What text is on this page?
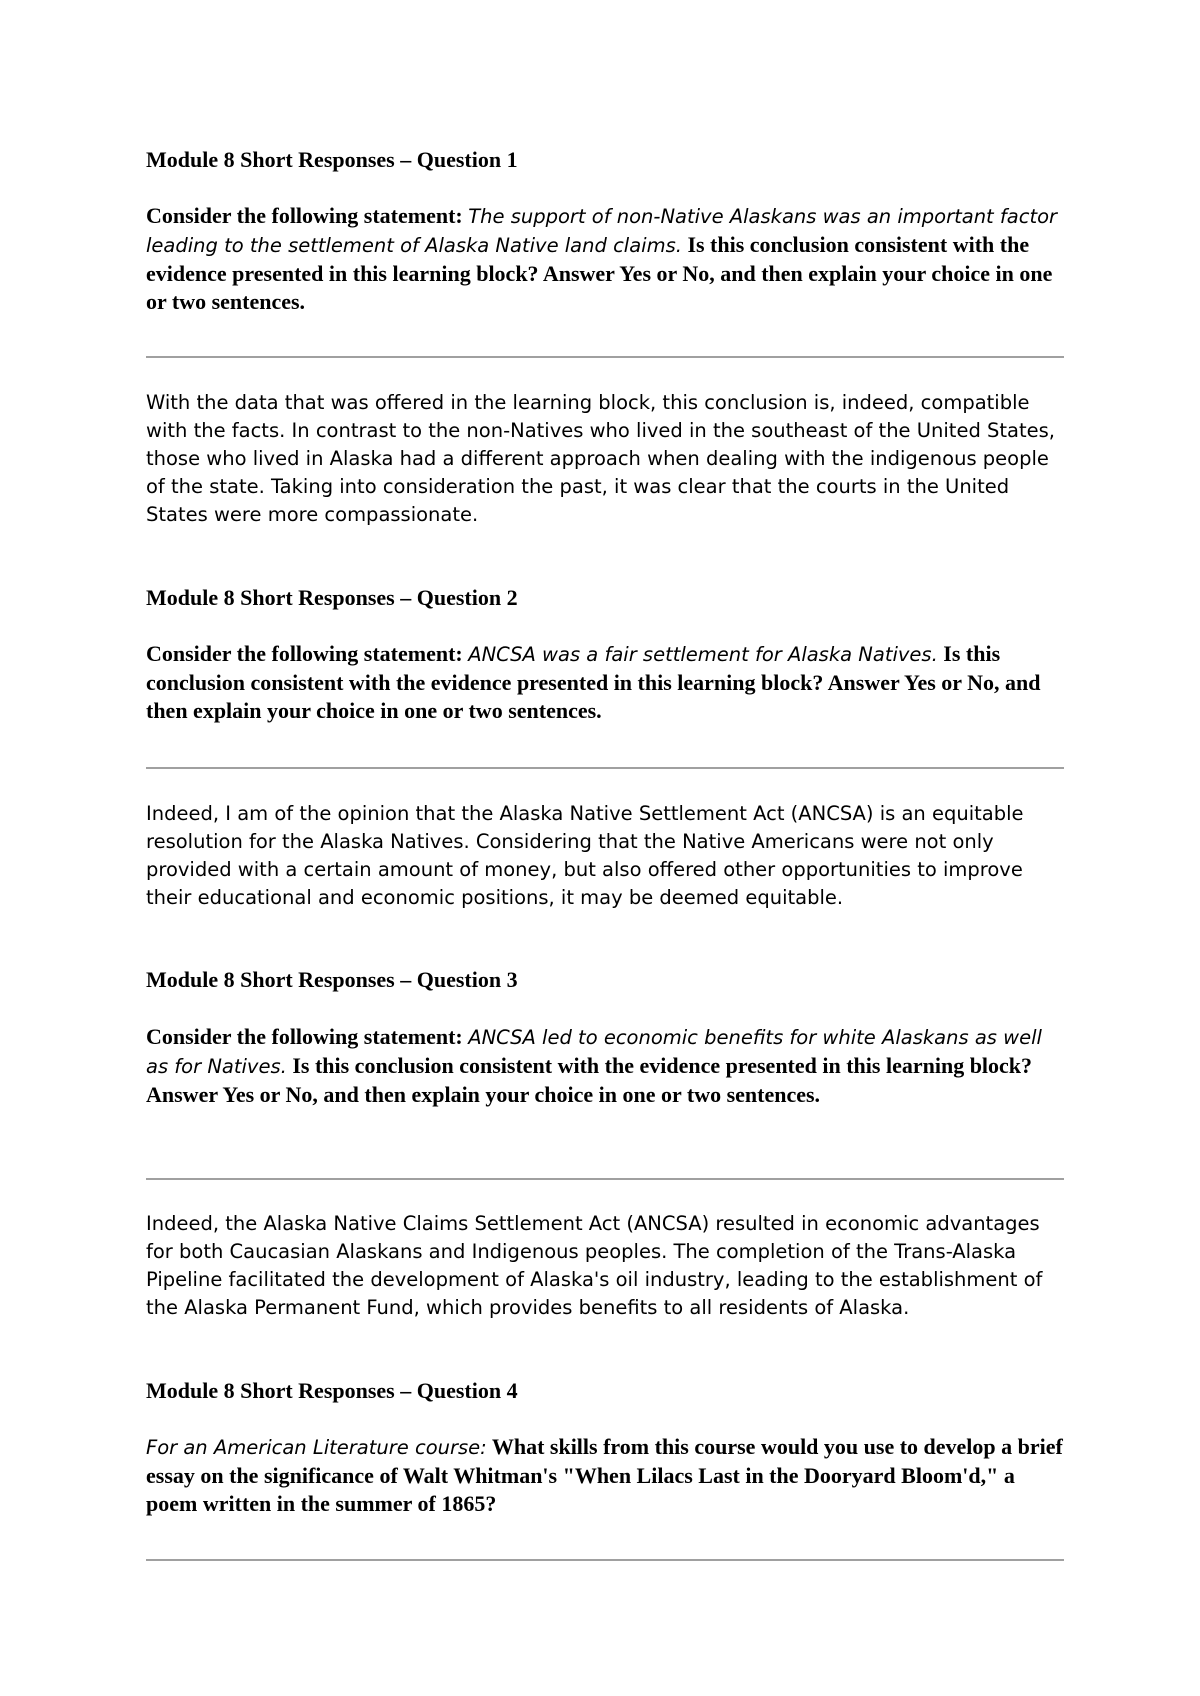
Module 8 Short Responses – Question 1
Consider the following statement: The support of non-Native Alaskans was an important factor leading to the settlement of Alaska Native land claims. Is this conclusion consistent with the evidence presented in this learning block? Answer Yes or No, and then explain your choice in one or two sentences.
With the data that was offered in the learning block, this conclusion is, indeed, compatible with the facts. In contrast to the non-Natives who lived in the southeast of the United States, those who lived in Alaska had a different approach when dealing with the indigenous people of the state. Taking into consideration the past, it was clear that the courts in the United States were more compassionate.
Module 8 Short Responses – Question 2
Consider the following statement: ANCSA was a fair settlement for Alaska Natives. Is this conclusion consistent with the evidence presented in this learning block? Answer Yes or No, and then explain your choice in one or two sentences.
Indeed, I am of the opinion that the Alaska Native Settlement Act (ANCSA) is an equitable resolution for the Alaska Natives. Considering that the Native Americans were not only provided with a certain amount of money, but also offered other opportunities to improve their educational and economic positions, it may be deemed equitable.
Module 8 Short Responses – Question 3
Consider the following statement: ANCSA led to economic benefits for white Alaskans as well as for Natives. Is this conclusion consistent with the evidence presented in this learning block? Answer Yes or No, and then explain your choice in one or two sentences.
Indeed, the Alaska Native Claims Settlement Act (ANCSA) resulted in economic advantages for both Caucasian Alaskans and Indigenous peoples. The completion of the Trans-Alaska Pipeline facilitated the development of Alaska's oil industry, leading to the establishment of the Alaska Permanent Fund, which provides benefits to all residents of Alaska.
Module 8 Short Responses – Question 4
For an American Literature course: What skills from this course would you use to develop a brief essay on the significance of Walt Whitman's "When Lilacs Last in the Dooryard Bloom'd," a poem written in the summer of 1865?
